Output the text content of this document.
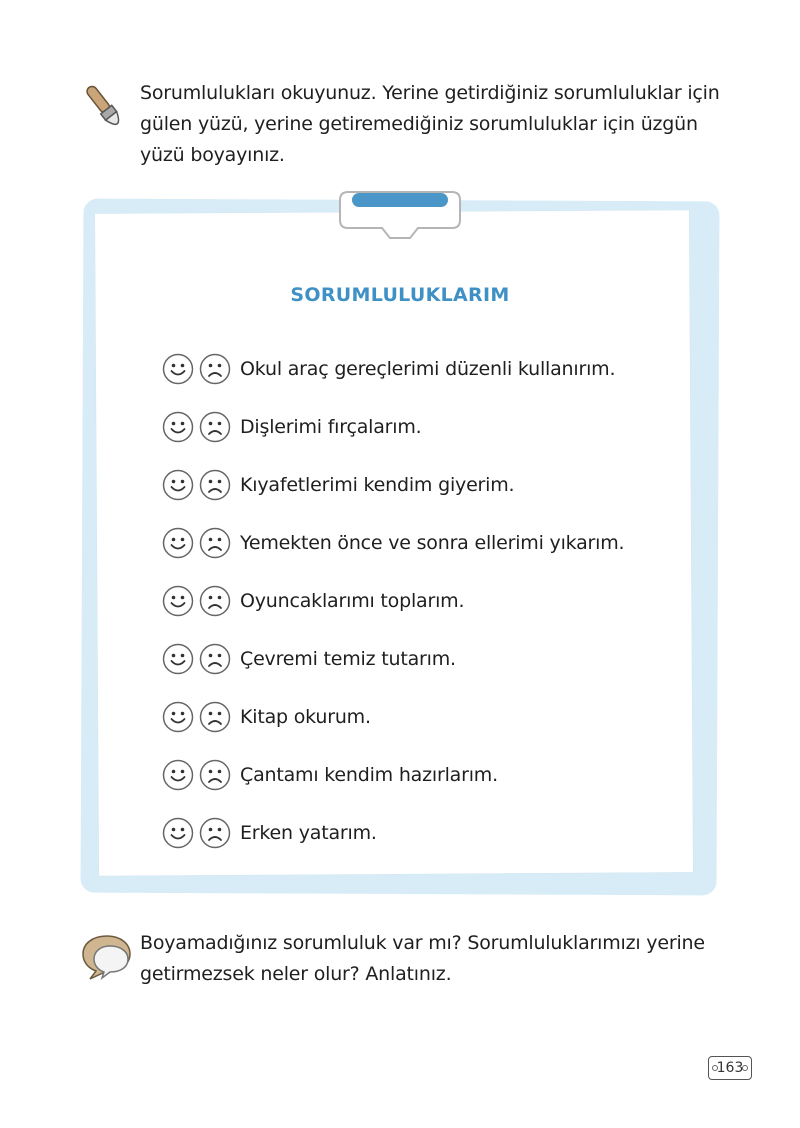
Sorumlulukları okuyunuz. Yerine getirdiğiniz sorumluluklar için gülen yüzü, yerine getiremediğiniz sorumluluklar için üzgün yüzü boyayınız.
SORUMLULUKLARIM
Okul araç gereçlerimi düzenli kullanırım.
Dişlerimi fırçalarım.
Kıyafetlerimi kendim giyerim.
Yemekten önce ve sonra ellerimi yıkarım.
Oyuncaklarımı toplarım.
Çevremi temiz tutarım.
Kitap okurum.
Çantamı kendim hazırlarım.
Erken yatarım.
Boyamadığınız sorumluluk var mı? Sorumluluklarımızı yerine getirmezsek neler olur? Anlatınız.
163
